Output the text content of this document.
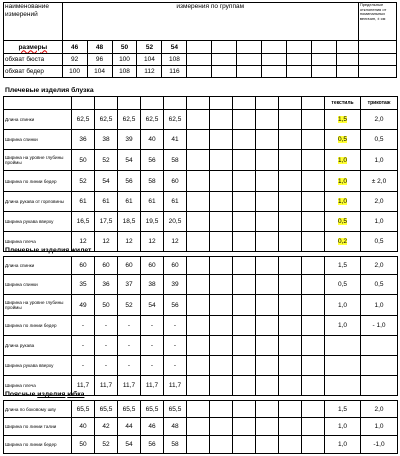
наименование измерений	измерения по группам												Предельные отклонения от номинальных величин, ± см
размеры	46	48	50	52	54								
обхват бюста	92	96	100	104	108								
обхват бедер	100	104	108	112	116								
Плечевые изделия блузка
												текстиль	трикотаж
Длина спинки	62,5	62,5	62,5	62,5	62,5							1,5	2,0
Ширина спинки	36	38	39	40	41							0,5	0,5
Ширина на уровне глубины проймы	50	52	54	56	58							1,0	1,0
Ширина по линии бедер	52	54	56	58	60							1,0	± 2,0
Длина рукава от горловины	61	61	61	61	61							1,0	2,0
Ширина рукава вверху	16,5	17,5	18,5	19,5	20,5							0,5	1,0
Ширина плеча	12	12	12	12	12							0,2	0,5
Плечевые изделия жилет
Длина спинки	60	60	60	60	60							1,5	2,0
Ширина спинки	35	36	37	38	39							0,5	0,5
Ширина на уровне глубины проймы	49	50	52	54	56							1,0	1,0
Ширина по линии бедер	-	-	-	-	-							1,0	- 1,0
Длина рукава	-	-	-	-	-								
Ширина рукава вверху	-	-	-	-	-								
Ширина плеча	11,7	11,7	11,7	11,7	11,7								
Поясные изделия юбка
Длина по боковому шву	65,5	65,5	65,5	65,5	65,5							1,5	2,0
Ширина по линии талии	40	42	44	46	48							1,0	1,0
Ширина по линии бедер	50	52	54	56	58							1,0	-1,0
